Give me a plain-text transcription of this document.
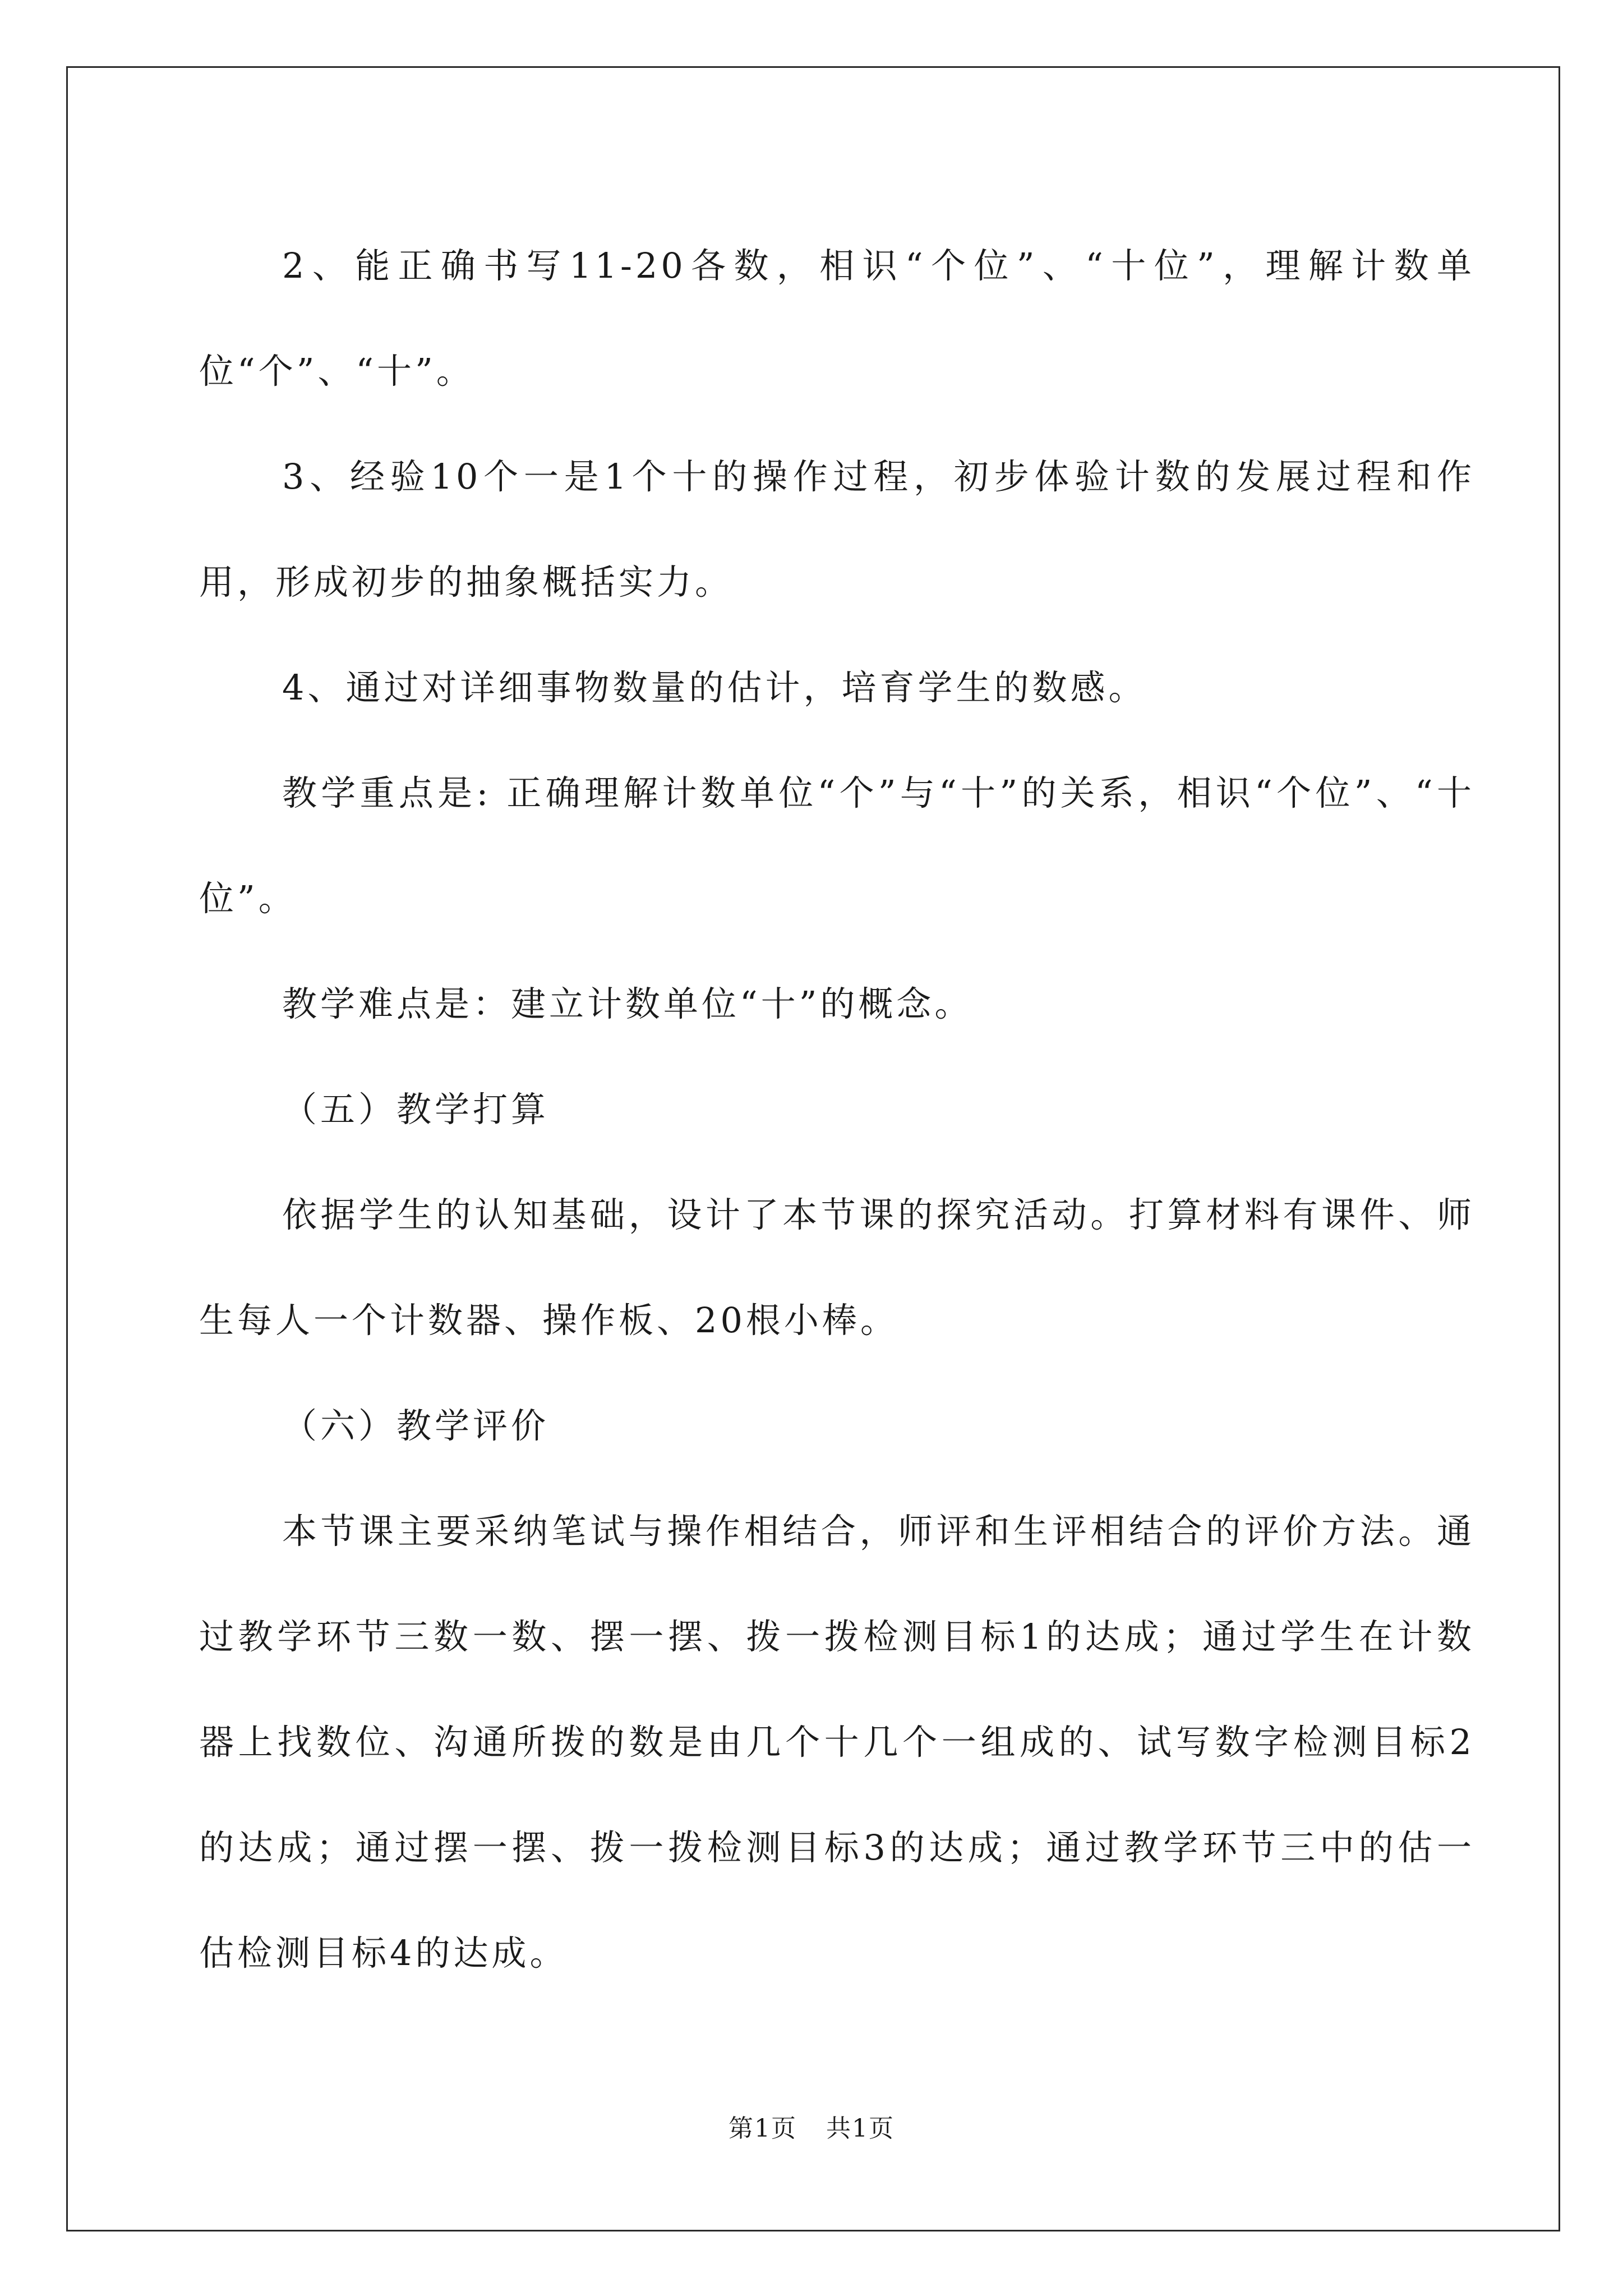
2、能正确书写11-20各数，相识“个位”、“十位”，理解计数单位“个”、“十”。

3、经验10个一是1个十的操作过程，初步体验计数的发展过程和作用，形成初步的抽象概括实力。

4、通过对详细事物数量的估计，培育学生的数感。

教学重点是: 正确理解计数单位“个”与“十”的关系，相识“个位”、“十位”。

教学难点是：建立计数单位“十”的概念。

（五）教学打算

依据学生的认知基础，设计了本节课的探究活动。打算材料有课件、师生每人一个计数器、操作板、20根小棒。

（六）教学评价

本节课主要采纳笔试与操作相结合，师评和生评相结合的评价方法。通过教学环节三数一数、摆一摆、拨一拨检测目标1的达成；通过学生在计数器上找数位、沟通所拨的数是由几个十几个一组成的、试写数字检测目标2的达成；通过摆一摆、拨一拨检测目标3的达成；通过教学环节三中的估一估检测目标4的达成。

第1页 共1页
